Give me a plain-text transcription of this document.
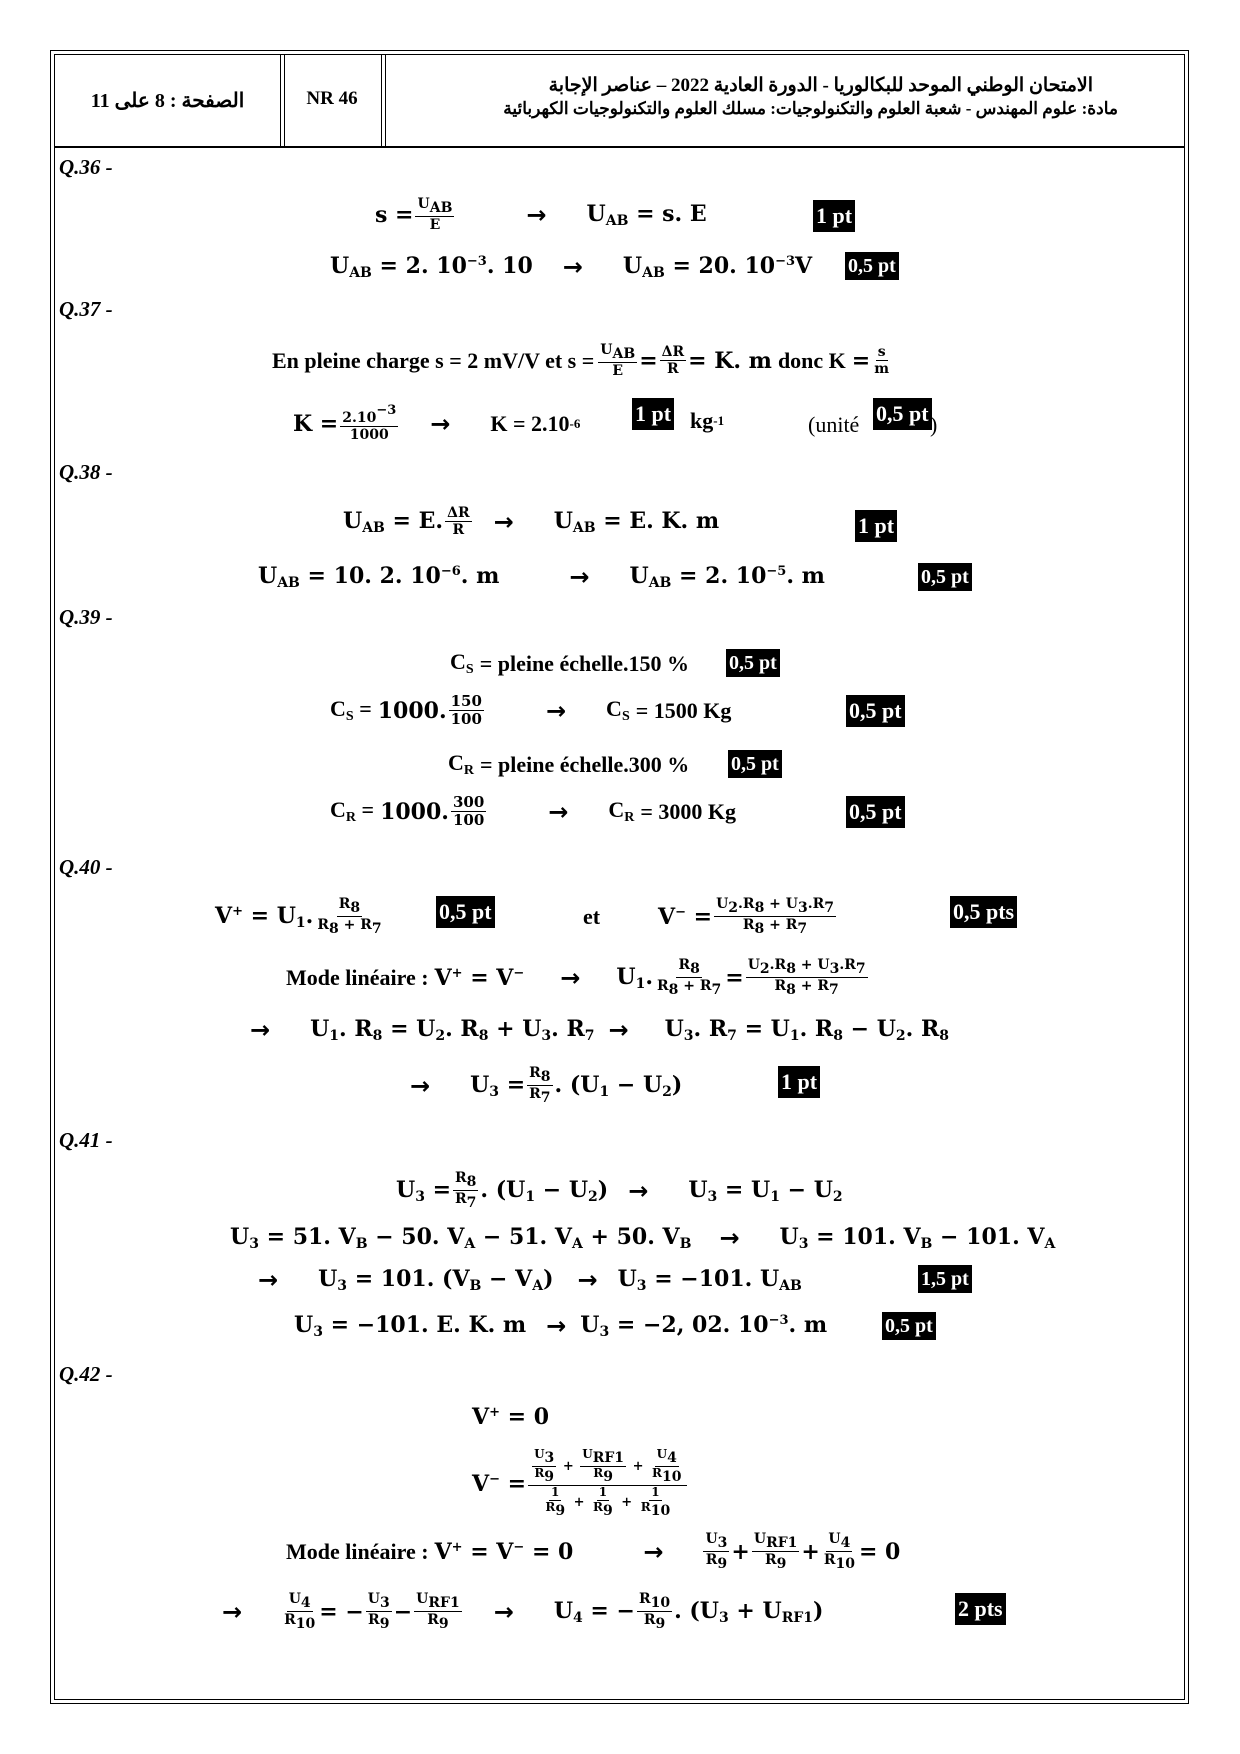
الصفحة : 8 على 11	NR 46
الامتحان الوطني الموحد للبكالوريا - الدورة العادية 2022 – عناصر الإجابة
مادة: علوم المهندس - شعبة العلوم والتكنولوجيات: مسلك العلوم والتكنولوجيات الكهربائية
Q.36 -
$s = \frac{U_{AB}}{E}$	→ $U_{AB} = s$. E	1 pt
$U_{AB} = 2$. $10^{-3}$. $10 \to U_{AB} = 20$. $10^{-3}V$ 0,5 pt
Q.37 -
En pleine charge s = 2 mV/V et $s = \frac{U_{AB}}{E} = \frac{\Delta R}{R} = K$. m donc $K = \frac{s}{m}$
$K = \frac{2.10^{-3}}{1000} \to K = 2.10$ -6 1 pt kg -1	(unité 0,5 pt )
Q.38 -
$U_{AB} = E$. $\frac{\Delta R}{R} \to U_{AB} = E$. K. m	1 pt
$U_{AB} = 10$. 2. $10^{-6}$. m	→ $U_{AB} = 2$. $10^{-5}$. m	0,5 pt
Q.39 -
$C_S$ = pleine échelle.150 % 0,5 pt
$C_S = 1000$. $\frac{150}{100}$	→ $C_S = 1500$ Kg	0,5 pt
$C_R$ = pleine échelle.300 % 0,5 pt
$C_R = 1000$. $\frac{300}{100}$	→ $C_R = 3000$ Kg	0,5 pt
Q.40 -
$V^+ = U_1$. $\frac{R_8}{R_8 + R_7}$	0,5 pt	et	$V^- = \frac{U_2.R_8 + U_3.R_7}{R_8 + R_7}$	0,5 pts
Mode linéaire : $V^+ = V^- \to U_1$. $\frac{R_8}{R_8 + R_7} = \frac{U_2.R_8 + U_3.R_7}{R_8 + R_7}$
→ $U_1$. $R_8 = U_2$. $R_8 + U_3$. $R_7 \to U_3$. $R_7 = U_1$. $R_8 - U_2$. $R_8$
→ $U_3 = \frac{R_8}{R_7}$ . $(U_1 - U_2)$	1 pt
Q.41 -
$U_3 = \frac{R_8}{R_7}$ . $(U_1 - U_2) \to U_3 = U_1 - U_2$
$U_3 = 51$. $V_B - 50$. $V_A - 51$. $V_A + 50$. $V_B \to U_3 = 101$. $V_B - 101$. $V_A$
→ $U_3 = 101$. $(V_B - V_A) \to U_3 = -101$. $U_{AB}$	1,5 pt
$U_3 = -101$. E. K. $m \to U_3 = -2$, 02. $10^{-3}$. m	0,5 pt
Q.42 -
V+ = 0
$V^- = \frac{\frac{U_3}{R_9} + \frac{U_{RF1}}{R_9} + \frac{U_4}{R_{10}}}{\frac{1}{R_9} + \frac{1}{R_9} + \frac{1}{R_{10}}}$
Mode linéaire : V+ = V− = 0	→	$\frac{U_3}{R_9} + \frac{U_{RF1}}{R_9} + \frac{U_4}{R_{10}} = 0$
→	$\frac{U_4}{R_{10}}$ = − $\frac{U_3}{R_9} - \frac{U_{RF1}}{R_9} \to U_4$ = − $\frac{R_{10}}{R_9}$ . $(U_3 + U_{RF1})$	2 pts
